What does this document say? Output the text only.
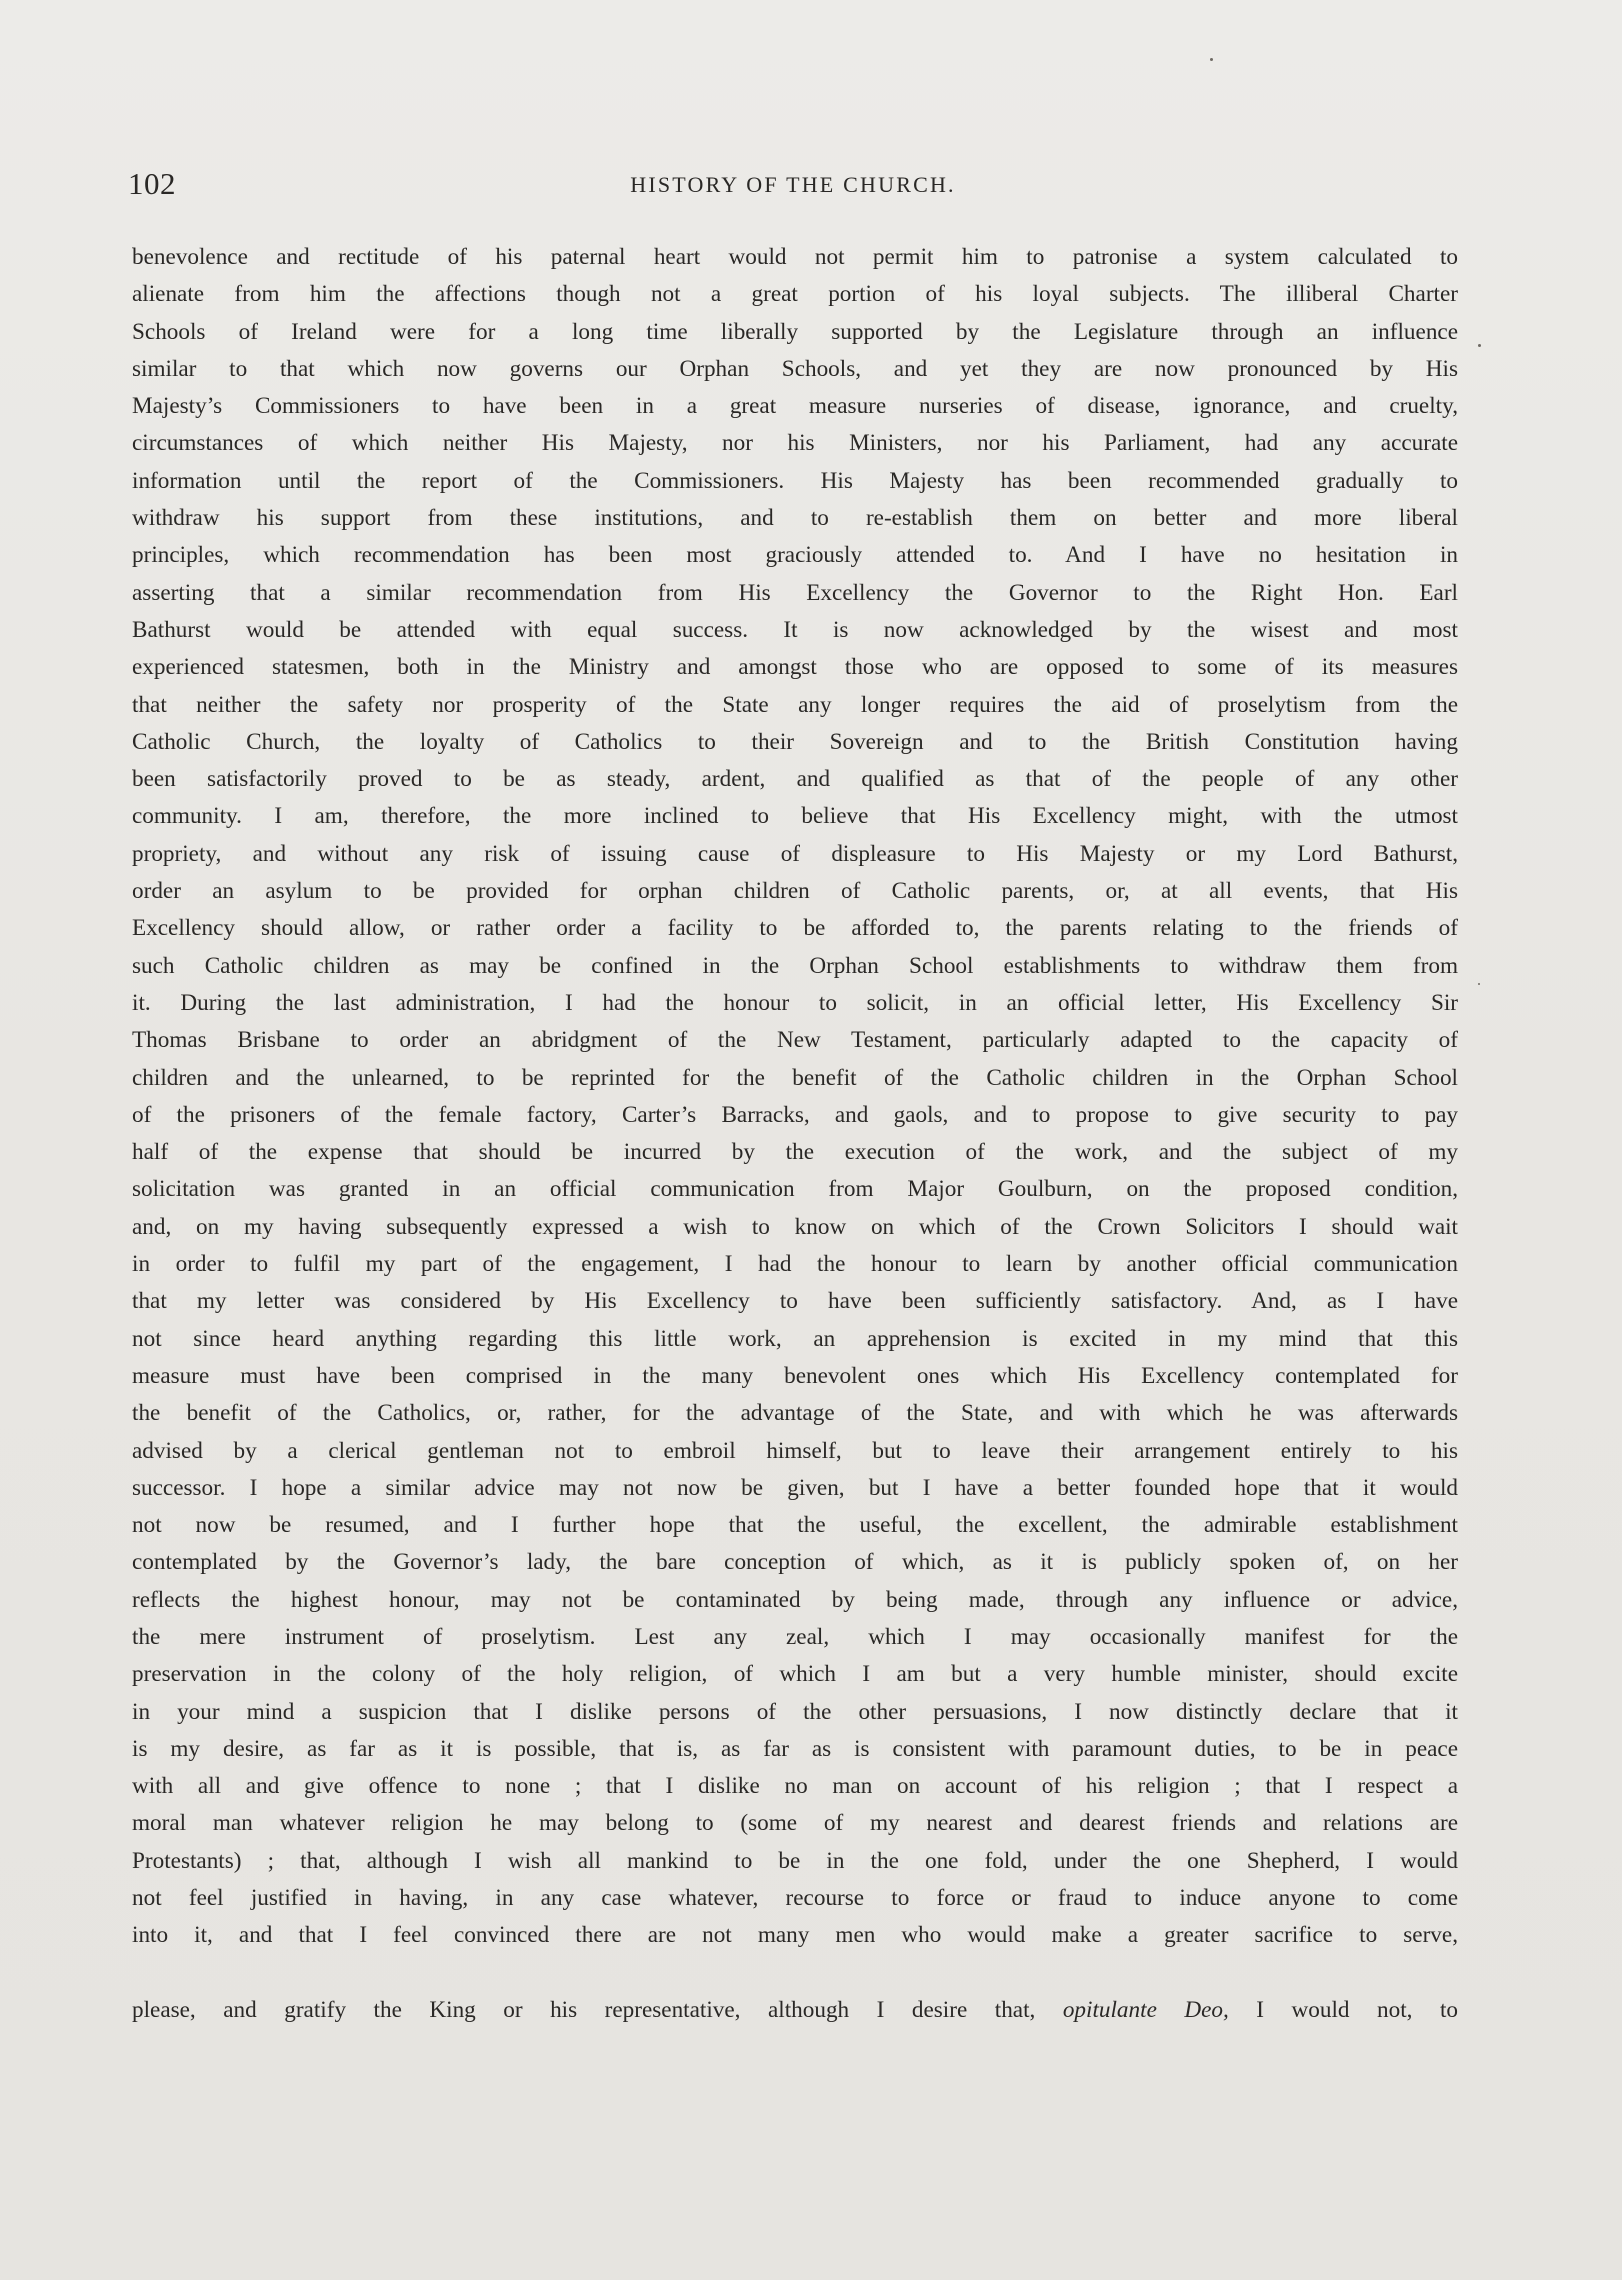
102	HISTORY OF THE CHURCH.
benevolence and rectitude of his paternal heart would not permit him to patronise a system calculated to
alienate from him the affections though not a great portion of his loyal subjects. The illiberal Charter
Schools of Ireland were for a long time liberally supported by the Legislature through an influence
similar to that which now governs our Orphan Schools, and yet they are now pronounced by His
Majesty’s Commissioners to have been in a great measure nurseries of disease, ignorance, and cruelty,
circumstances of which neither His Majesty, nor his Ministers, nor his Parliament, had any accurate
information until the report of the Commissioners. His Majesty has been recommended gradually to
withdraw his support from these institutions, and to re-establish them on better and more liberal
principles, which recommendation has been most graciously attended to. And I have no hesitation in
asserting that a similar recommendation from His Excellency the Governor to the Right Hon. Earl
Bathurst would be attended with equal success. It is now acknowledged by the wisest and most
experienced statesmen, both in the Ministry and amongst those who are opposed to some of its measures
that neither the safety nor prosperity of the State any longer requires the aid of proselytism from the
Catholic Church, the loyalty of Catholics to their Sovereign and to the British Constitution having
been satisfactorily proved to be as steady, ardent, and qualified as that of the people of any other
community. I am, therefore, the more inclined to believe that His Excellency might, with the utmost
propriety, and without any risk of issuing cause of displeasure to His Majesty or my Lord Bathurst,
order an asylum to be provided for orphan children of Catholic parents, or, at all events, that His
Excellency should allow, or rather order a facility to be afforded to, the parents relating to the friends of
such Catholic children as may be confined in the Orphan School establishments to withdraw them from
it. During the last administration, I had the honour to solicit, in an official letter, His Excellency Sir
Thomas Brisbane to order an abridgment of the New Testament, particularly adapted to the capacity of
children and the unlearned, to be reprinted for the benefit of the Catholic children in the Orphan School
of the prisoners of the female factory, Carter’s Barracks, and gaols, and to propose to give security to pay
half of the expense that should be incurred by the execution of the work, and the subject of my
solicitation was granted in an official communication from Major Goulburn, on the proposed condition,
and, on my having subsequently expressed a wish to know on which of the Crown Solicitors I should wait
in order to fulfil my part of the engagement, I had the honour to learn by another official communication
that my letter was considered by His Excellency to have been sufficiently satisfactory. And, as I have
not since heard anything regarding this little work, an apprehension is excited in my mind that this
measure must have been comprised in the many benevolent ones which His Excellency contemplated for
the benefit of the Catholics, or, rather, for the advantage of the State, and with which he was afterwards
advised by a clerical gentleman not to embroil himself, but to leave their arrangement entirely to his
successor. I hope a similar advice may not now be given, but I have a better founded hope that it would
not now be resumed, and I further hope that the useful, the excellent, the admirable establishment
contemplated by the Governor’s lady, the bare conception of which, as it is publicly spoken of, on her
reflects the highest honour, may not be contaminated by being made, through any influence or advice,
the mere instrument of proselytism. Lest any zeal, which I may occasionally manifest for the
preservation in the colony of the holy religion, of which I am but a very humble minister, should excite
in your mind a suspicion that I dislike persons of the other persuasions, I now distinctly declare that it
is my desire, as far as it is possible, that is, as far as is consistent with paramount duties, to be in peace
with all and give offence to none ; that I dislike no man on account of his religion ; that I respect a
moral man whatever religion he may belong to (some of my nearest and dearest friends and relations are
Protestants) ; that, although I wish all mankind to be in the one fold, under the one Shepherd, I would
not feel justified in having, in any case whatever, recourse to force or fraud to induce anyone to come
into it, and that I feel convinced there are not many men who would make a greater sacrifice to serve,
please, and gratify the King or his representative, although I desire that, opitulante Deo, I would not, to
